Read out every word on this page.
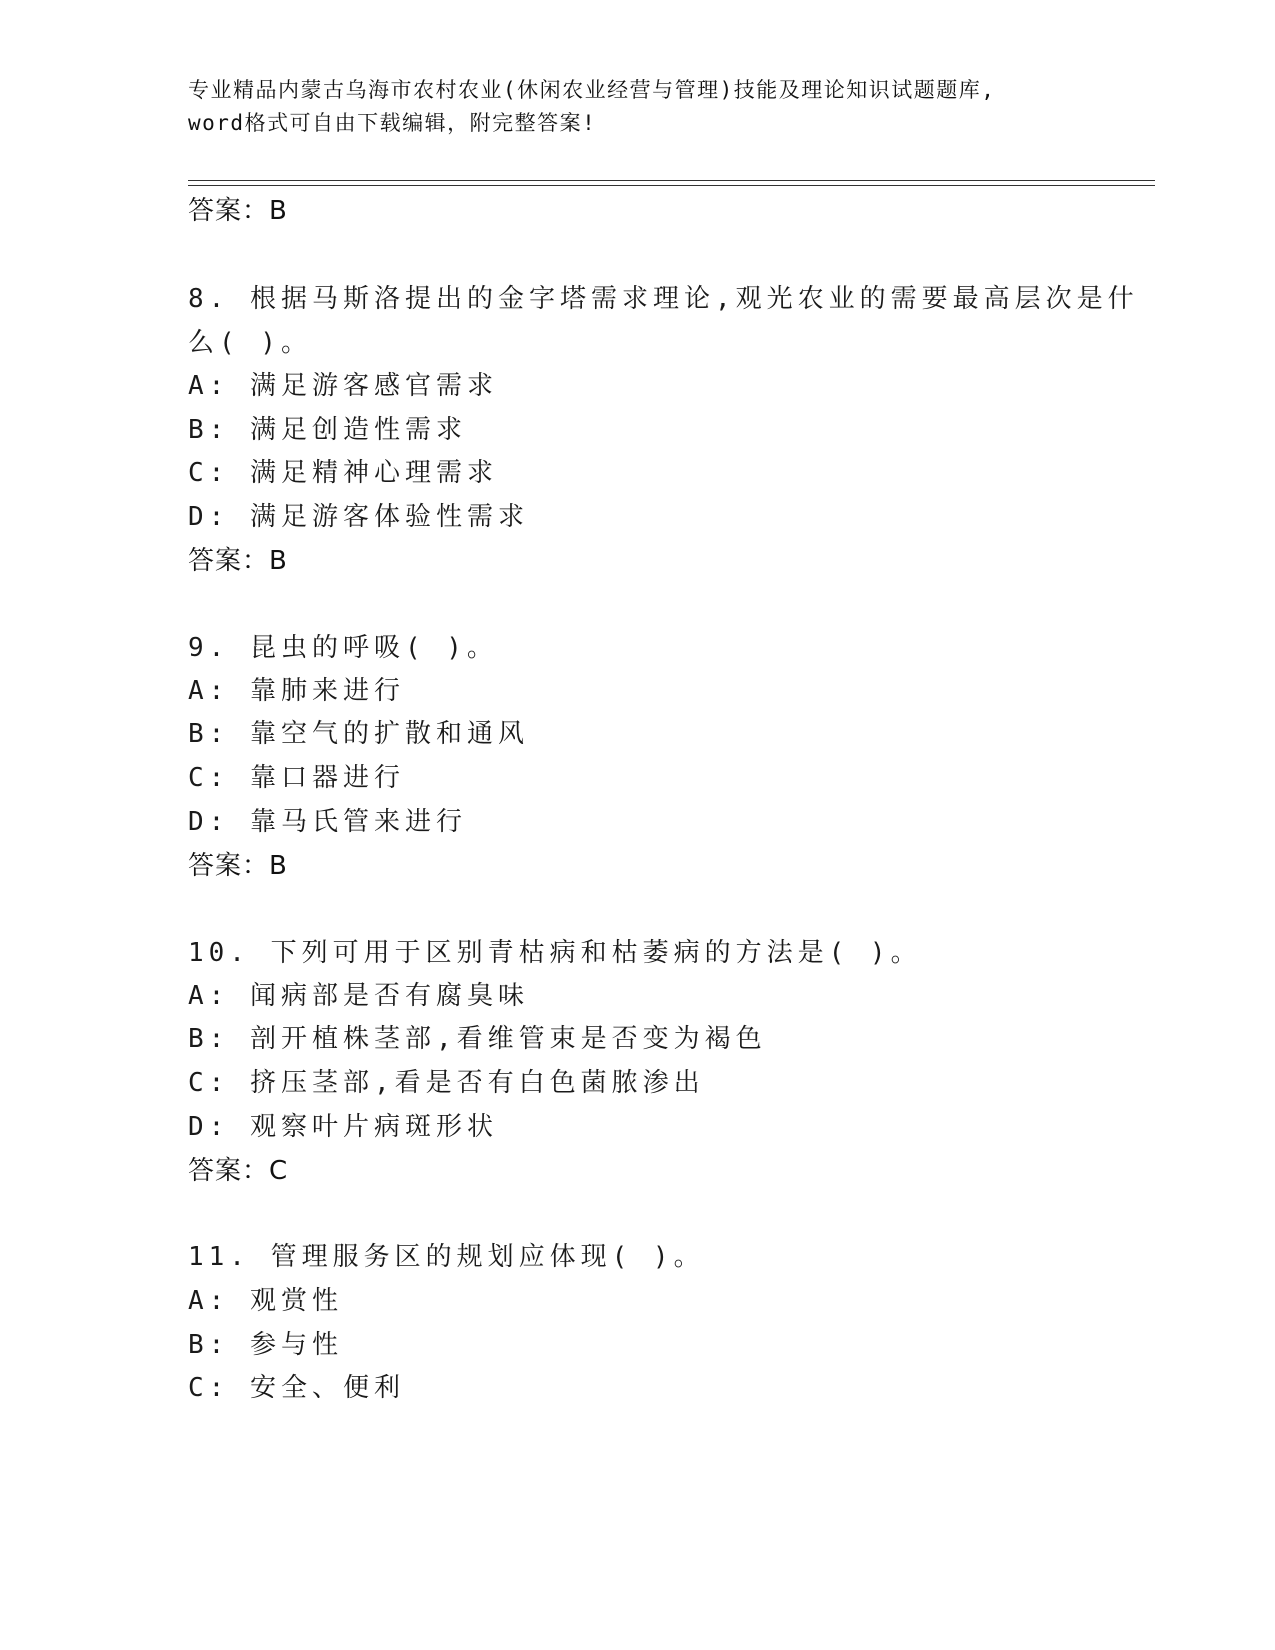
专业精品内蒙古乌海市农村农业(休闲农业经营与管理)技能及理论知识试题题库,
word格式可自由下载编辑，附完整答案!
答案：B
8. 根据马斯洛提出的金字塔需求理论,观光农业的需要最高层次是什
么( )。
A: 满足游客感官需求
B: 满足创造性需求
C: 满足精神心理需求
D: 满足游客体验性需求
答案：B
9. 昆虫的呼吸( )。
A: 靠肺来进行
B: 靠空气的扩散和通风
C: 靠口器进行
D: 靠马氏管来进行
答案：B
10. 下列可用于区别青枯病和枯萎病的方法是( )。
A: 闻病部是否有腐臭味
B: 剖开植株茎部,看维管束是否变为褐色
C: 挤压茎部,看是否有白色菌脓渗出
D: 观察叶片病斑形状
答案：C
11. 管理服务区的规划应体现( )。
A: 观赏性
B: 参与性
C: 安全、便利
